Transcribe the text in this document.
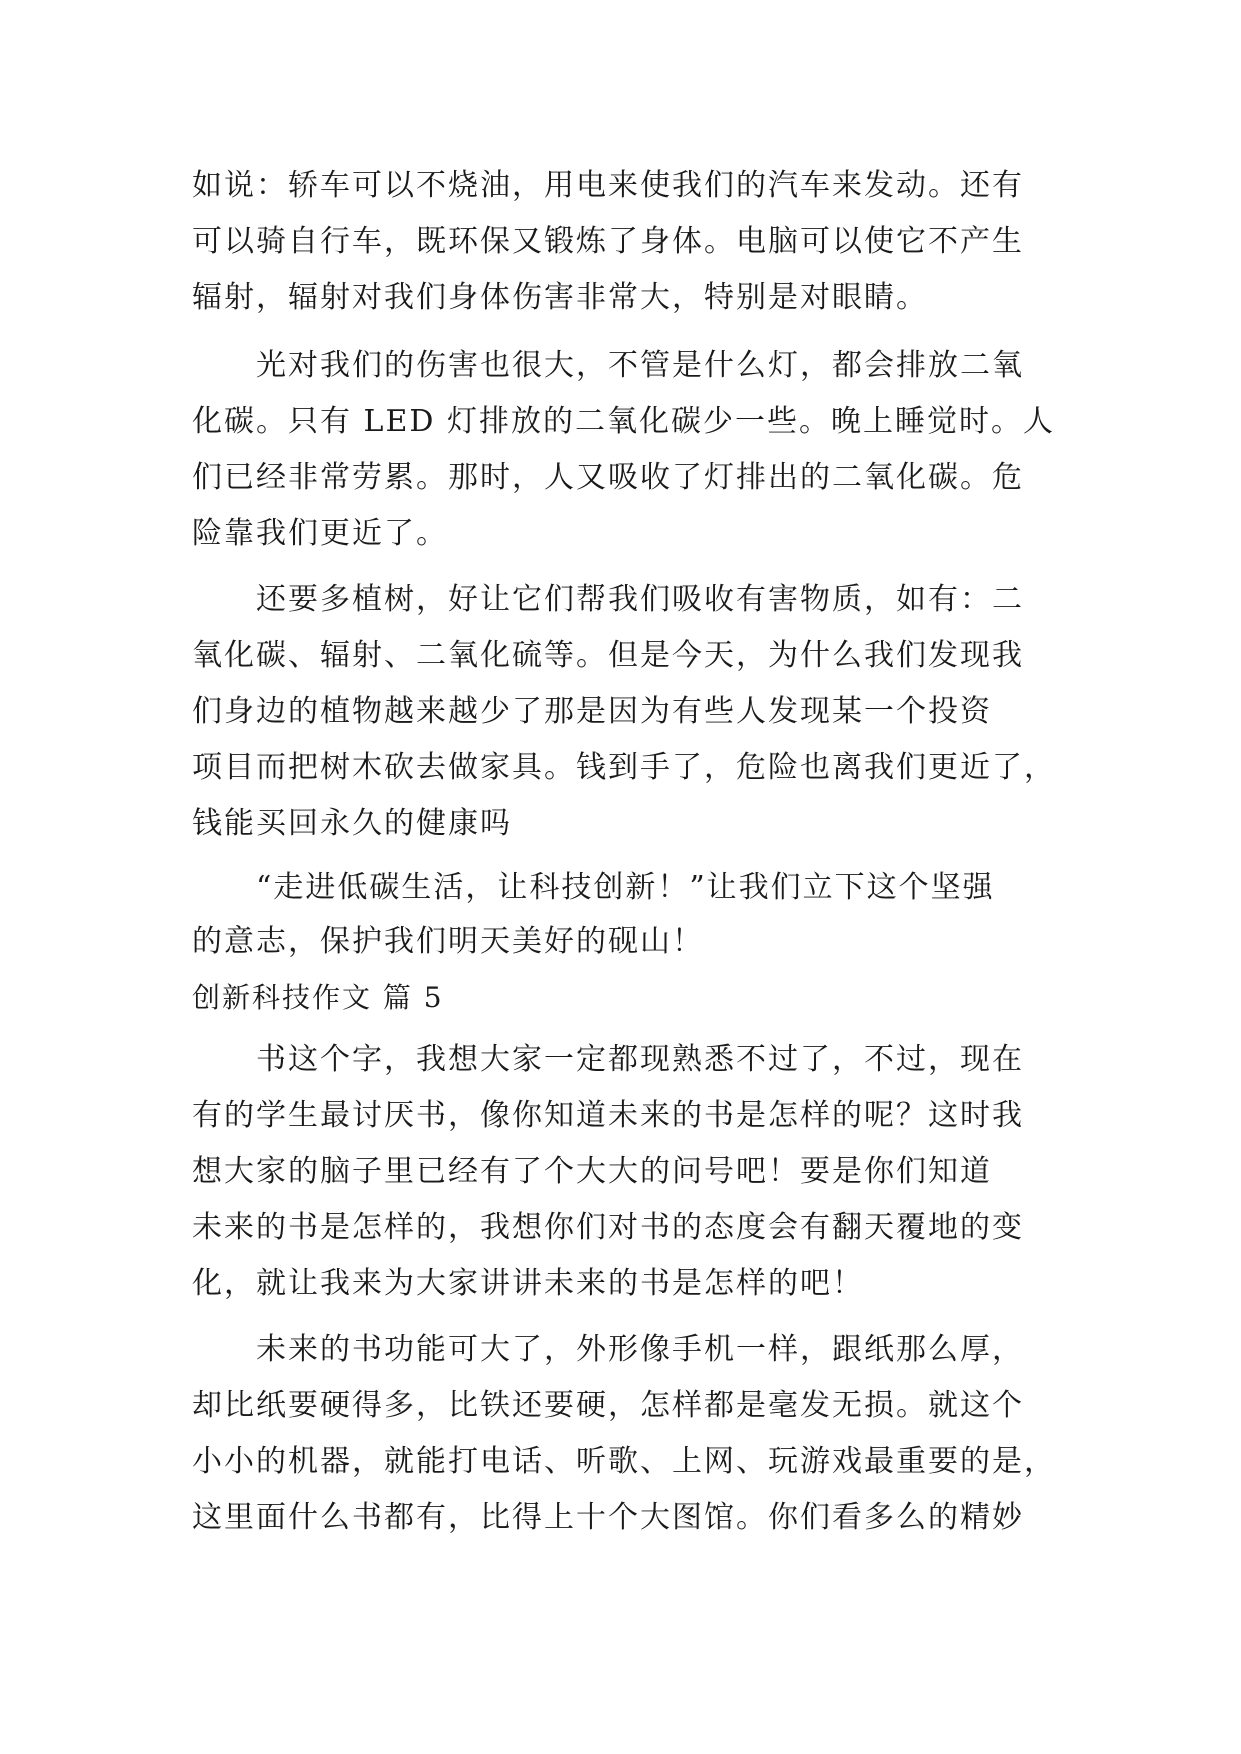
如说：轿车可以不烧油，用电来使我们的汽车来发动。还有
可以骑自行车，既环保又锻炼了身体。电脑可以使它不产生
辐射，辐射对我们身体伤害非常大，特别是对眼睛。
光对我们的伤害也很大，不管是什么灯，都会排放二氧
化碳。只有 LED 灯排放的二氧化碳少一些。晚上睡觉时。人
们已经非常劳累。那时，人又吸收了灯排出的二氧化碳。危
险靠我们更近了。
还要多植树，好让它们帮我们吸收有害物质，如有：二
氧化碳、辐射、二氧化硫等。但是今天，为什么我们发现我
们身边的植物越来越少了那是因为有些人发现某一个投资
项目而把树木砍去做家具。钱到手了，危险也离我们更近了，
钱能买回永久的健康吗
“走进低碳生活，让科技创新！”让我们立下这个坚强
的意志，保护我们明天美好的砚山！
创新科技作文 篇 5
书这个字，我想大家一定都现熟悉不过了，不过，现在
有的学生最讨厌书，像你知道未来的书是怎样的呢？这时我
想大家的脑子里已经有了个大大的问号吧！要是你们知道
未来的书是怎样的，我想你们对书的态度会有翻天覆地的变
化，就让我来为大家讲讲未来的书是怎样的吧！
未来的书功能可大了，外形像手机一样，跟纸那么厚，
却比纸要硬得多，比铁还要硬，怎样都是毫发无损。就这个
小小的机器，就能打电话、听歌、上网、玩游戏最重要的是，
这里面什么书都有，比得上十个大图馆。你们看多么的精妙
